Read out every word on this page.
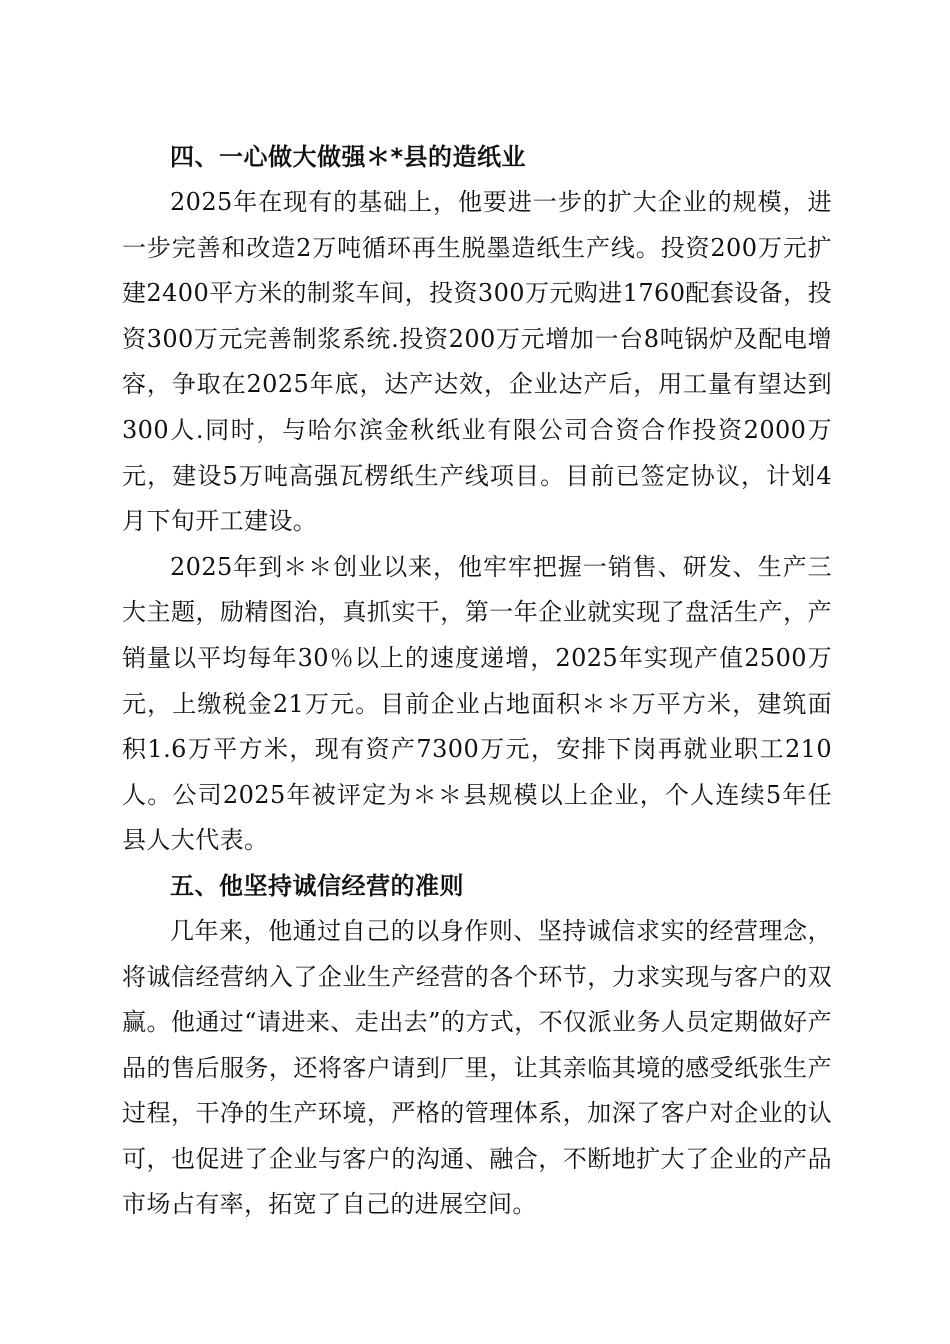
四、一心做大做强＊*县的造纸业

2025年在现有的基础上，他要进一步的扩大企业的规模，进一步完善和改造2万吨循环再生脱墨造纸生产线。投资200万元扩建2400平方米的制浆车间，投资300万元购进1760配套设备，投资300万元完善制浆系统.投资200万元增加一台8吨锅炉及配电增容，争取在2025年底，达产达效，企业达产后，用工量有望达到300人.同时，与哈尔滨金秋纸业有限公司合资合作投资2000万元，建设5万吨高强瓦楞纸生产线项目。目前已签定协议，计划4月下旬开工建设。

2025年到＊＊创业以来，他牢牢把握一销售、研发、生产三大主题，励精图治，真抓实干，第一年企业就实现了盘活生产，产销量以平均每年30％以上的速度递增，2025年实现产值2500万元，上缴税金21万元。目前企业占地面积＊＊万平方米，建筑面积1.6万平方米，现有资产7300万元，安排下岗再就业职工210人。公司2025年被评定为＊＊县规模以上企业，个人连续5年任县人大代表。

五、他坚持诚信经营的准则

几年来，他通过自己的以身作则、坚持诚信求实的经营理念，将诚信经营纳入了企业生产经营的各个环节，力求实现与客户的双赢。他通过“请进来、走出去”的方式，不仅派业务人员定期做好产品的售后服务，还将客户请到厂里，让其亲临其境的感受纸张生产过程，干净的生产环境，严格的管理体系，加深了客户对企业的认可，也促进了企业与客户的沟通、融合，不断地扩大了企业的产品市场占有率，拓宽了自己的进展空间。
